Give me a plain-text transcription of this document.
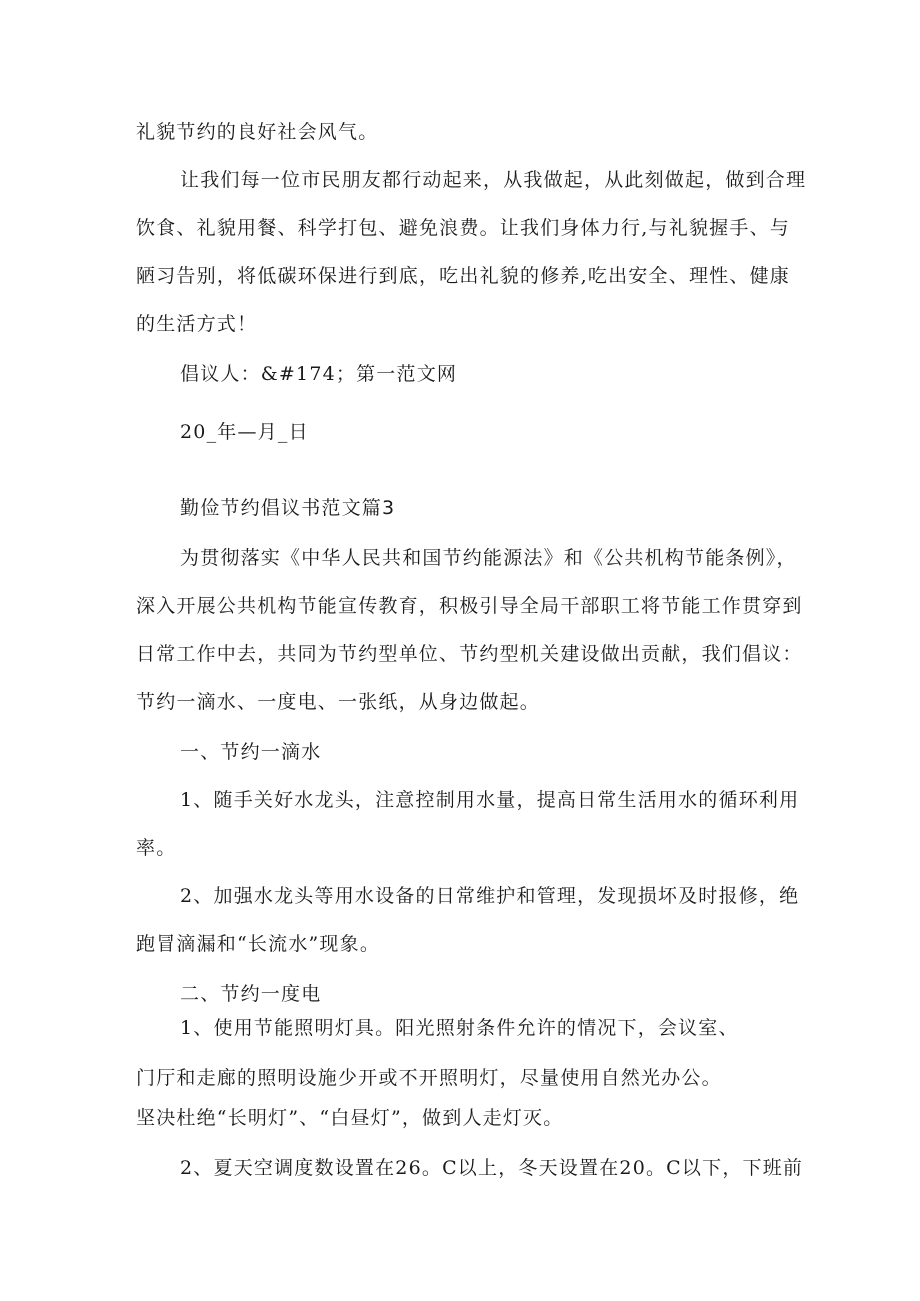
礼貌节约的良好社会风气。
让我们每一位市民朋友都行动起来，从我做起，从此刻做起，做到合理
饮食、礼貌用餐、科学打包、避免浪费。让我们身体力行,与礼貌握手、与
陋习告别，将低碳环保进行到底，吃出礼貌的修养,吃出安全、理性、健康
的生活方式！
倡议人：&#174；第一范文网
20_年—月_日
勤俭节约倡议书范文篇3
为贯彻落实《中华人民共和国节约能源法》和《公共机构节能条例》，
深入开展公共机构节能宣传教育，积极引导全局干部职工将节能工作贯穿到
日常工作中去，共同为节约型单位、节约型机关建设做出贡献，我们倡议：
节约一滴水、一度电、一张纸，从身边做起。
一、节约一滴水
1、随手关好水龙头，注意控制用水量，提高日常生活用水的循环利用
率。
2、加强水龙头等用水设备的日常维护和管理，发现损坏及时报修，绝
跑冒滴漏和“长流水”现象。
二、节约一度电
1、使用节能照明灯具。阳光照射条件允许的情况下，会议室、
门厅和走廊的照明设施少开或不开照明灯，尽量使用自然光办公。
坚决杜绝“长明灯”、“白昼灯”，做到人走灯灭。
2、夏天空调度数设置在26。C以上，冬天设置在20。C以下，下班前
